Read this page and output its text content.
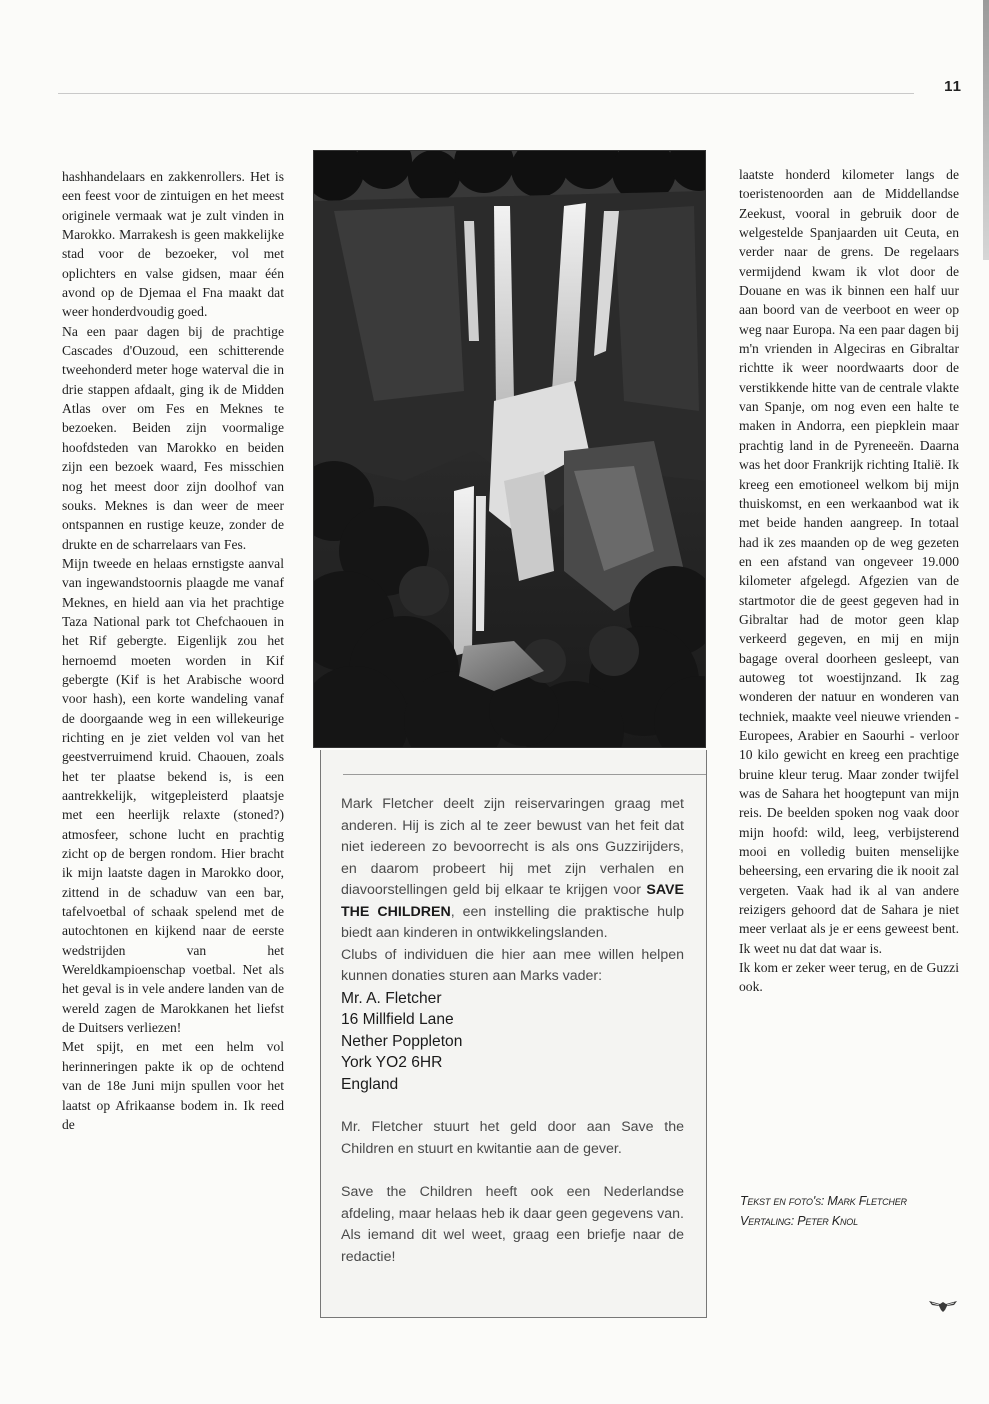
11

hashhandelaars en zakkenrollers. Het is een feest voor de zintuigen en het meest originele vermaak wat je zult vinden in Marokko. Marrakesh is geen makkelijke stad voor de bezoeker, vol met oplichters en valse gidsen, maar één avond op de Djemaa el Fna maakt dat weer honderdvoudig goed.

Na een paar dagen bij de prachtige Cascades d'Ouzoud, een schitterende tweehonderd meter hoge waterval die in drie stappen afdaalt, ging ik de Midden Atlas over om Fes en Meknes te bezoeken. Beiden zijn voormalige hoofdsteden van Marokko en beiden zijn een bezoek waard, Fes misschien nog het meest door zijn doolhof van souks. Meknes is dan weer de meer ontspannen en rustige keuze, zonder de drukte en de scharrelaars van Fes.

Mijn tweede en helaas ernstigste aanval van ingewandstoornis plaagde me vanaf Meknes, en hield aan via het prachtige Taza National park tot Chefchaouen in het Rif gebergte. Eigenlijk zou het hernoemd moeten worden in Kif gebergte (Kif is het Arabische woord voor hash), een korte wandeling vanaf de doorgaande weg in een willekeurige richting en je ziet velden vol van het geestverruimend kruid. Chaouen, zoals het ter plaatse bekend is, is een aantrekkelijk, witgepleisterd plaatsje met een heerlijk relaxte (stoned?) atmosfeer, schone lucht en prachtig zicht op de bergen rondom. Hier bracht ik mijn laatste dagen in Marokko door, zittend in de schaduw van een bar, tafelvoetbal of schaak spelend met de autochtonen en kijkend naar de eerste wedstrijden van het Wereldkampioenschap voetbal. Net als het geval is in vele andere landen van de wereld zagen de Marokkanen het liefst de Duitsers verliezen!

Met spijt, en met een helm vol herinneringen pakte ik op de ochtend van de 18e Juni mijn spullen voor het laatst op Afrikaanse bodem in. Ik reed de

Mark Fletcher deelt zijn reiservaringen graag met anderen. Hij is zich al te zeer bewust van het feit dat niet iedereen zo bevoorrecht is als ons Guzzirijders, en daarom probeert hij met zijn verhalen en diavoorstellingen geld bij elkaar te krijgen voor SAVE THE CHILDREN, een instelling die praktische hulp biedt aan kinderen in ontwikkelingslanden.

Clubs of individuen die hier aan mee willen helpen kunnen donaties sturen aan Marks vader:

Mr. A. Fletcher
16 Millfield Lane
Nether Poppleton
York YO2 6HR
England

Mr. Fletcher stuurt het geld door aan Save the Children en stuurt en kwitantie aan de gever.

Save the Children heeft ook een Nederlandse afdeling, maar helaas heb ik daar geen gegevens van. Als iemand dit wel weet, graag een briefje naar de redactie!

laatste honderd kilometer langs de toeristenoorden aan de Middellandse Zeekust, vooral in gebruik door de welgestelde Spanjaarden uit Ceuta, en verder naar de grens. De regelaars vermijdend kwam ik vlot door de Douane en was ik binnen een half uur aan boord van de veerboot en weer op weg naar Europa. Na een paar dagen bij m'n vrienden in Algeciras en Gibraltar richtte ik weer noordwaarts door de verstikkende hitte van de centrale vlakte van Spanje, om nog even een halte te maken in Andorra, een piepklein maar prachtig land in de Pyreneeën. Daarna was het door Frankrijk richting Italië. Ik kreeg een emotioneel welkom bij mijn thuiskomst, en een werkaanbod wat ik met beide handen aangreep. In totaal had ik zes maanden op de weg gezeten en een afstand van ongeveer 19.000 kilometer afgelegd. Afgezien van de startmotor die de geest gegeven had in Gibraltar had de motor geen klap verkeerd gegeven, en mij en mijn bagage overal doorheen gesleept, van autoweg tot woestijnzand. Ik zag wonderen der natuur en wonderen van techniek, maakte veel nieuwe vrienden - Europees, Arabier en Saourhi - verloor 10 kilo gewicht en kreeg een prachtige bruine kleur terug. Maar zonder twijfel was de Sahara het hoogtepunt van mijn reis. De beelden spoken nog vaak door mijn hoofd: wild, leeg, verbijsterend mooi en volledig buiten menselijke beheersing, een ervaring die ik nooit zal vergeten. Vaak had ik al van andere reizigers gehoord dat de Sahara je niet meer verlaat als je er eens geweest bent. Ik weet nu dat dat waar is.

Ik kom er zeker weer terug, en de Guzzi ook.

Tekst en foto's: Mark Fletcher
Vertaling: Peter Knol
